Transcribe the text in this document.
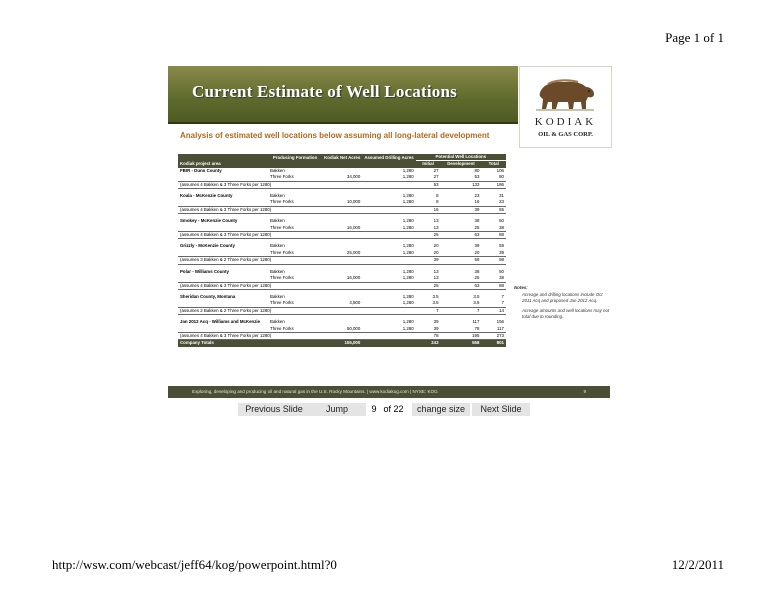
Page 1 of 1
Current Estimate of Well Locations
KODIAK
OIL & GAS CORP.
Analysis of estimated well locations below assuming all long-lateral development
	Producing Formation	Kodiak Net Acres	Assumed Drilling Acres	Potential Well Locations		
Kodiak project area				Initial	Development	Total
FBIR - Dunn County	Bakken		1,280	27	80	106
	Three Forks	34,000	1,280	27	53	80
(assumes 4 Bakken & 3 Three Forks per 1280)				53	133	186

Koala - McKenzie County	Bakken		1,280	8	23	31
	Three Forks	10,000	1,280	8	16	23
(assumes 4 Bakken & 3 Three Forks per 1280)				16	39	55

Smokey - McKenzie County	Bakken		1,280	13	38	50
	Three Forks	16,000	1,280	13	25	38
(assumes 4 Bakken & 3 Three Forks per 1280)				25	63	88

Grizzly - McKenzie County	Bakken		1,280	20	39	59
	Three Forks	25,000	1,280	20	20	39
(assumes 3 Bakken & 2 Three Forks per 1280)				39	59	98

Polar - Williams County	Bakken		1,280	13	38	50
	Three Forks	16,000	1,280	13	25	38
(assumes 4 Bakken & 3 Three Forks per 1280)				25	63	88

Sheridan County, Montana	Bakken		1,280	3.5	3.5	7
	Three Forks	4,500	1,280	3.5	3.5	7
(assumes 2 Bakken & 2 Three Forks per 1280)				7	7	14

Jan 2012 Acq - Williams and McKenzie	Bakken		1,280	39	117	156
	Three Forks	50,000	1,280	39	78	117
(assumes 4 Bakken & 3 Three Forks per 1280)				78	195	273
Company Totals		155,000		243	558	801
Notes:
Acreage and drilling locations include Oct 2011 Acq and proposed Jan 2012 Acq.
Acreage amounts and well locations may not total due to rounding.
Exploring, developing and producing oil and natural gas in the U.S. Rocky Mountains. | www.kodiakog.com | NYSE: KOG	9
Previous Slide	Jump
9	of 22	change size	Next Slide
http://wsw.com/webcast/jeff64/kog/powerpoint.html?0	12/2/2011
